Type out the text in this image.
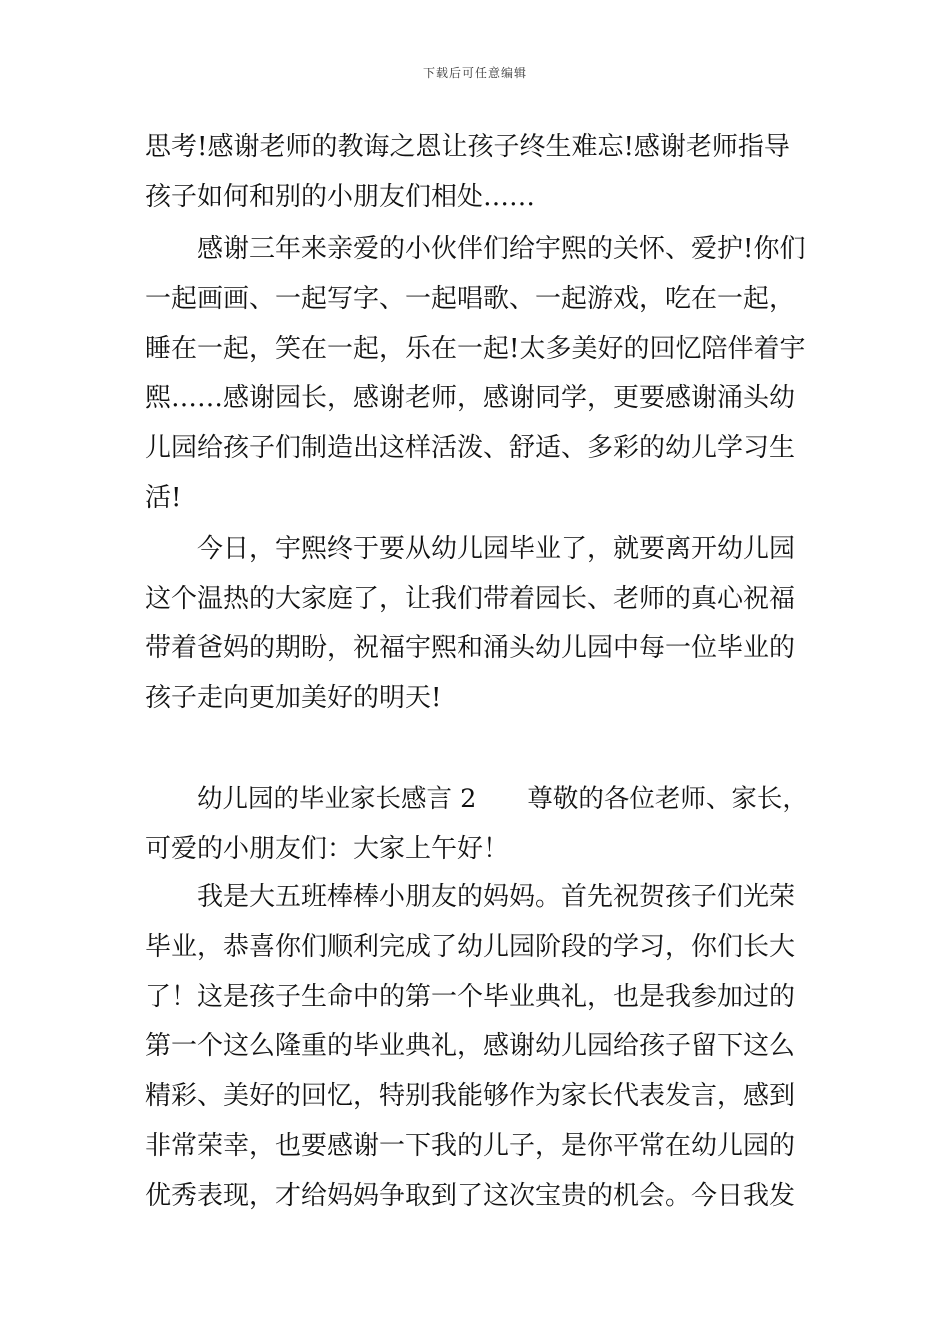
下载后可任意编辑
思考!感谢老师的教诲之恩让孩子终生难忘!感谢老师指导
孩子如何和别的小朋友们相处……
感谢三年来亲爱的小伙伴们给宇熙的关怀、爱护!你们
一起画画、一起写字、一起唱歌、一起游戏，吃在一起，
睡在一起，笑在一起，乐在一起!太多美好的回忆陪伴着宇
熙……感谢园长，感谢老师，感谢同学，更要感谢涌头幼
儿园给孩子们制造出这样活泼、舒适、多彩的幼儿学习生
活!
今日，宇熙终于要从幼儿园毕业了，就要离开幼儿园
这个温热的大家庭了，让我们带着园长、老师的真心祝福
带着爸妈的期盼，祝福宇熙和涌头幼儿园中每一位毕业的
孩子走向更加美好的明天!
幼儿园的毕业家长感言 2　　尊敬的各位老师、家长，
可爱的小朋友们：大家上午好！
我是大五班棒棒小朋友的妈妈。首先祝贺孩子们光荣
毕业，恭喜你们顺利完成了幼儿园阶段的学习，你们长大
了！这是孩子生命中的第一个毕业典礼，也是我参加过的
第一个这么隆重的毕业典礼，感谢幼儿园给孩子留下这么
精彩、美好的回忆，特别我能够作为家长代表发言，感到
非常荣幸，也要感谢一下我的儿子，是你平常在幼儿园的
优秀表现，才给妈妈争取到了这次宝贵的机会。今日我发
